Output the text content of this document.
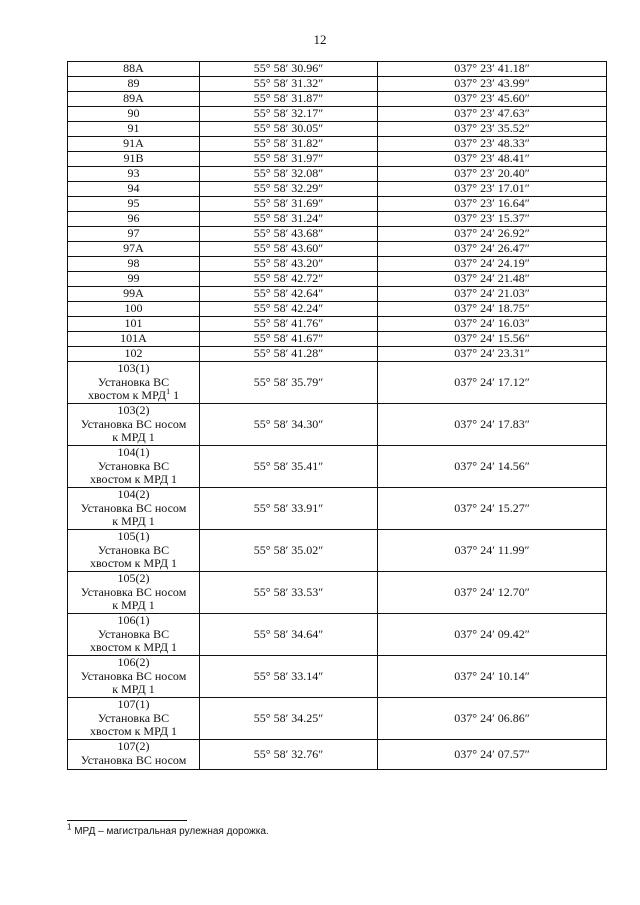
12
88A	55° 58′ 30.96″	037° 23′ 41.18″
89	55° 58′ 31.32″	037° 23′ 43.99″
89A	55° 58′ 31.87″	037° 23′ 45.60″
90	55° 58′ 32.17″	037° 23′ 47.63″
91	55° 58′ 30.05″	037° 23′ 35.52″
91A	55° 58′ 31.82″	037° 23′ 48.33″
91B	55° 58′ 31.97″	037° 23′ 48.41″
93	55° 58′ 32.08″	037° 23′ 20.40″
94	55° 58′ 32.29″	037° 23′ 17.01″
95	55° 58′ 31.69″	037° 23′ 16.64″
96	55° 58′ 31.24″	037° 23′ 15.37″
97	55° 58′ 43.68″	037° 24′ 26.92″
97A	55° 58′ 43.60″	037° 24′ 26.47″
98	55° 58′ 43.20″	037° 24′ 24.19″
99	55° 58′ 42.72″	037° 24′ 21.48″
99A	55° 58′ 42.64″	037° 24′ 21.03″
100	55° 58′ 42.24″	037° 24′ 18.75″
101	55° 58′ 41.76″	037° 24′ 16.03″
101A	55° 58′ 41.67″	037° 24′ 15.56″
102	55° 58′ 41.28″	037° 24′ 23.31″

103(1)
Установка ВС
хвостом к МРД$^1$ 1	55° 58′ 35.79″	037° 24′ 17.12″

103(2)
Установка ВС носом
к МРД 1	55° 58′ 34.30″	037° 24′ 17.83″

104(1)
Установка ВС
хвостом к МРД 1	55° 58′ 35.41″	037° 24′ 14.56″

104(2)
Установка ВС носом
к МРД 1	55° 58′ 33.91″	037° 24′ 15.27″

105(1)
Установка ВС
хвостом к МРД 1	55° 58′ 35.02″	037° 24′ 11.99″

105(2)
Установка ВС носом
к МРД 1	55° 58′ 33.53″	037° 24′ 12.70″

106(1)
Установка ВС
хвостом к МРД 1	55° 58′ 34.64″	037° 24′ 09.42″

106(2)
Установка ВС носом
к МРД 1	55° 58′ 33.14″	037° 24′ 10.14″

107(1)
Установка ВС
хвостом к МРД 1	55° 58′ 34.25″	037° 24′ 06.86″

107(2)
Установка ВС носом	55° 58′ 32.76″	037° 24′ 07.57″
$^1$ МРД – магистральная рулежная дорожка.
